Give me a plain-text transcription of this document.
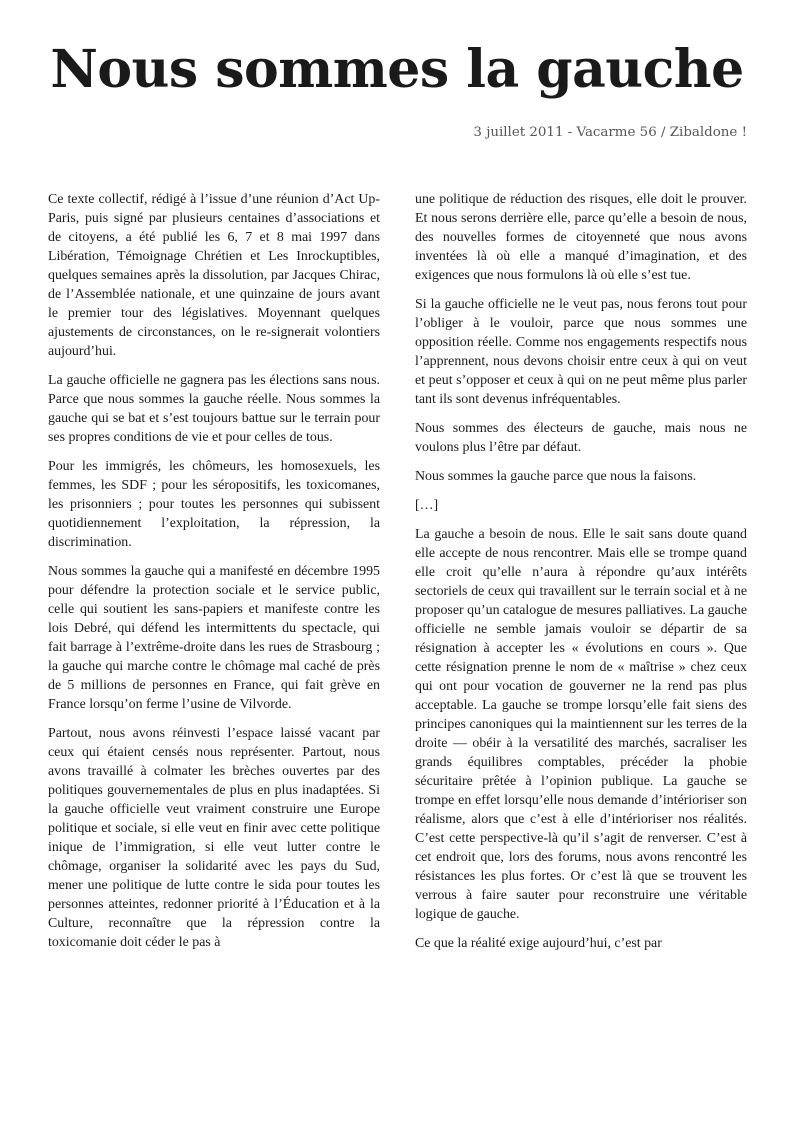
Nous sommes la gauche

3 juillet 2011 - Vacarme 56 / Zibaldone !

Ce texte collectif, rédigé à l’issue d’une réunion d’Act Up-Paris, puis signé par plusieurs centaines d’associations et de citoyens, a été publié les 6, 7 et 8 mai 1997 dans Libération, Témoignage Chrétien et Les Inrockuptibles, quelques semaines après la dissolution, par Jacques Chirac, de l’Assemblée nationale, et une quinzaine de jours avant le premier tour des législatives. Moyennant quelques ajustements de circonstances, on le re-signerait volontiers aujourd’hui.

La gauche officielle ne gagnera pas les élections sans nous. Parce que nous sommes la gauche réelle. Nous sommes la gauche qui se bat et s’est toujours battue sur le terrain pour ses propres conditions de vie et pour celles de tous.

Pour les immigrés, les chômeurs, les homosexuels, les femmes, les SDF ; pour les séropositifs, les toxicomanes, les prisonniers ; pour toutes les personnes qui subissent quotidiennement l’exploitation, la répression, la discrimination.

Nous sommes la gauche qui a manifesté en décembre 1995 pour défendre la protection sociale et le service public, celle qui soutient les sans-papiers et manifeste contre les lois Debré, qui défend les intermittents du spectacle, qui fait barrage à l’extrême-droite dans les rues de Strasbourg ; la gauche qui marche contre le chômage mal caché de près de 5 millions de personnes en France, qui fait grève en France lorsqu’on ferme l’usine de Vilvorde.

Partout, nous avons réinvesti l’espace laissé vacant par ceux qui étaient censés nous représenter. Partout, nous avons travaillé à colmater les brèches ouvertes par des politiques gouvernementales de plus en plus inadaptées. Si la gauche officielle veut vraiment construire une Europe politique et sociale, si elle veut en finir avec cette politique inique de l’immigration, si elle veut lutter contre le chômage, organiser la solidarité avec les pays du Sud, mener une politique de lutte contre le sida pour toutes les personnes atteintes, redonner priorité à l’Éducation et à la Culture, reconnaître que la répression contre la toxicomanie doit céder le pas à

une politique de réduction des risques, elle doit le prouver. Et nous serons derrière elle, parce qu’elle a besoin de nous, des nouvelles formes de citoyenneté que nous avons inventées là où elle a manqué d’imagination, et des exigences que nous formulons là où elle s’est tue.

Si la gauche officielle ne le veut pas, nous ferons tout pour l’obliger à le vouloir, parce que nous sommes une opposition réelle. Comme nos engagements respectifs nous l’apprennent, nous devons choisir entre ceux à qui on veut et peut s’opposer et ceux à qui on ne peut même plus parler tant ils sont devenus infréquentables.

Nous sommes des électeurs de gauche, mais nous ne voulons plus l’être par défaut.

Nous sommes la gauche parce que nous la faisons.

[…]

La gauche a besoin de nous. Elle le sait sans doute quand elle accepte de nous rencontrer. Mais elle se trompe quand elle croit qu’elle n’aura à répondre qu’aux intérêts sectoriels de ceux qui travaillent sur le terrain social et à ne proposer qu’un catalogue de mesures palliatives. La gauche officielle ne semble jamais vouloir se départir de sa résignation à accepter les « évolutions en cours ». Que cette résignation prenne le nom de « maîtrise » chez ceux qui ont pour vocation de gouverner ne la rend pas plus acceptable. La gauche se trompe lorsqu’elle fait siens des principes canoniques qui la maintiennent sur les terres de la droite — obéir à la versatilité des marchés, sacraliser les grands équilibres comptables, précéder la phobie sécuritaire prêtée à l’opinion publique. La gauche se trompe en effet lorsqu’elle nous demande d’intérioriser son réalisme, alors que c’est à elle d’intérioriser nos réalités. C’est cette perspective-là qu’il s’agit de renverser. C’est à cet endroit que, lors des forums, nous avons rencontré les résistances les plus fortes. Or c’est là que se trouvent les verrous à faire sauter pour reconstruire une véritable logique de gauche.

Ce que la réalité exige aujourd’hui, c’est par
